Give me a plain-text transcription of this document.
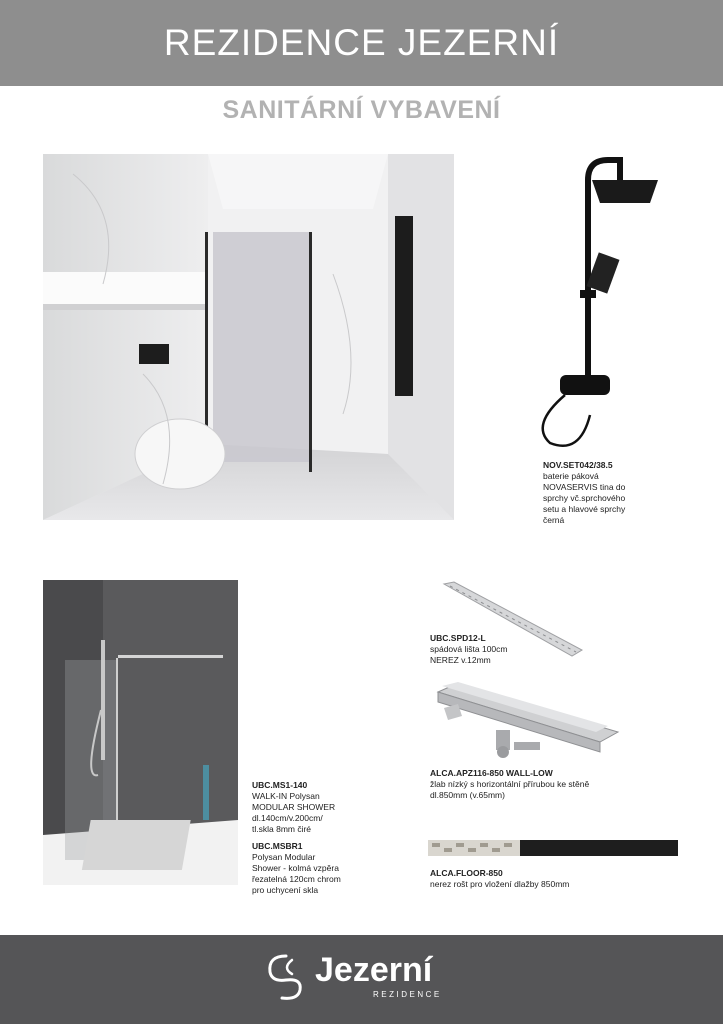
REZIDENCE JEZERNÍ
SANITÁRNÍ VYBAVENÍ
NOV.SET042/38.5
baterie páková
NOVASERVIS tina do
sprchy vč.sprchového
setu a hlavové sprchy
černá
UBC.MS1-140
WALK-IN Polysan
MODULAR SHOWER
dl.140cm/v.200cm/
tl.skla 8mm čiré
UBC.MSBR1
Polysan Modular
Shower - kolmá vzpěra
řezatelná 120cm chrom
pro uchycení skla
UBC.SPD12-L
spádová lišta 100cm
NEREZ v.12mm
ALCA.APZ116-850 WALL-LOW
žlab nízký s horizontální přírubou ke stěně
dl.850mm (v.65mm)
ALCA.FLOOR-850
nerez rošt pro vložení dlažby 850mm
Jezerní
REZIDENCE
